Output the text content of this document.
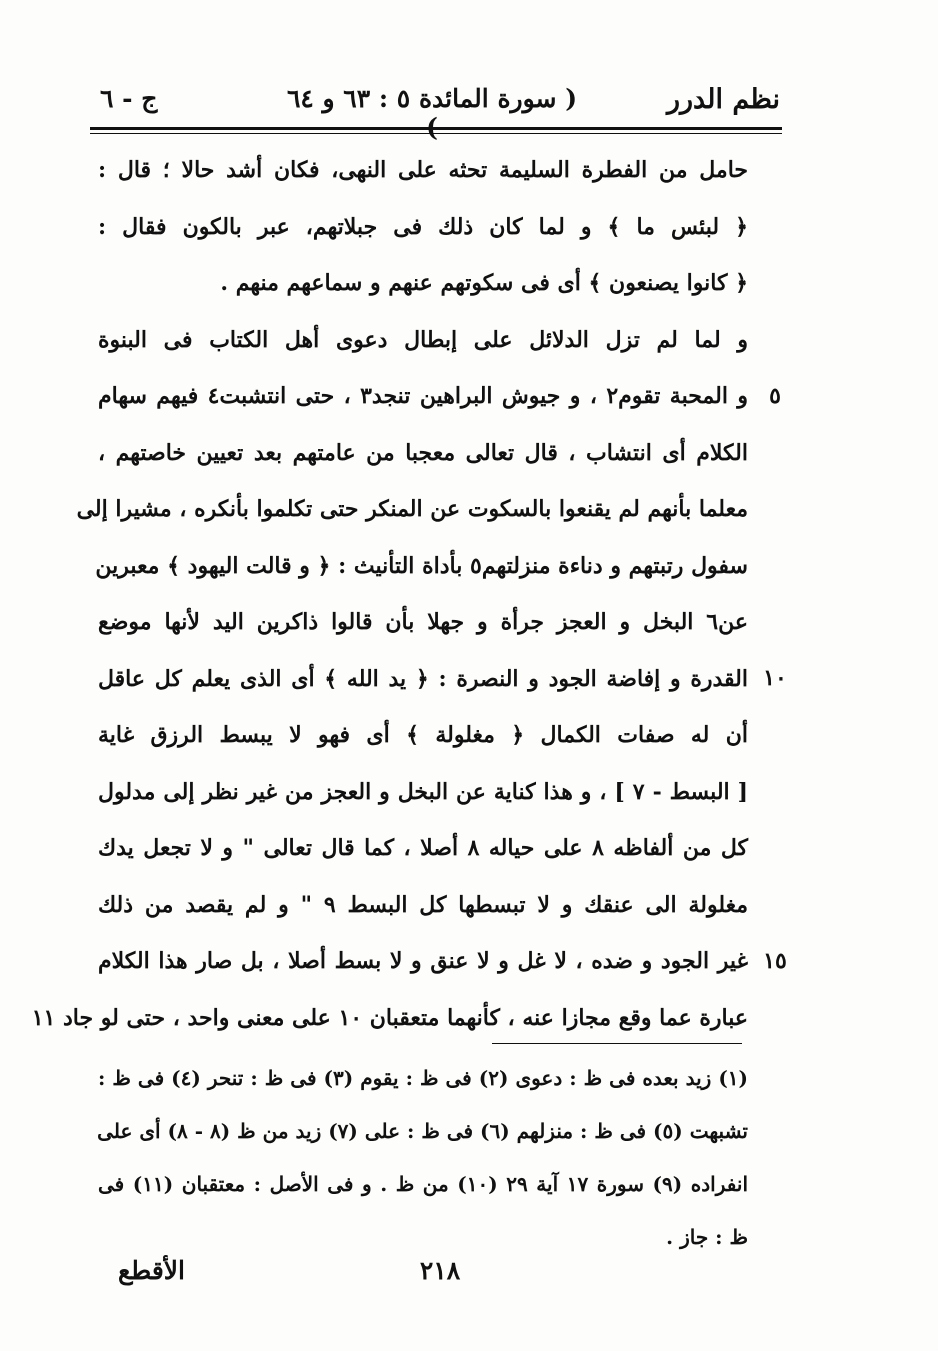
نظم الدرر
( سورة المائدة ٥ : ٦٣ و ٦٤ )
ج - ٦
حامل من الفطرة السليمة تحثه على النهى، فكان أشد حالا ؛ قال :
﴿ لبئس ما ﴾ و لما كان ذلك فى جبلاتهم، عبر بالكون فقال :
﴿ كانوا يصنعون ﴾ أى فى سكوتهم عنهم و سماعهم منهم .
و لما لم تزل الدلائل على إبطال دعوى أهل الكتاب فى البنوة
و المحبة تقوم٢ ، و جيوش البراهين تنجد٣ ، حتى انتشبت٤ فيهم سهام
الكلام أى انتشاب ، قال تعالى معجبا من عامتهم بعد تعيين خاصتهم ،
معلما بأنهم لم يقنعوا بالسكوت عن المنكر حتى تكلموا بأنكره ، مشيرا إلى
سفول رتبتهم و دناءة منزلتهم٥ بأداة التأنيث : ﴿ و قالت اليهود ﴾ معبرين
عن٦ البخل و العجز جرأة و جهلا بأن قالوا ذاكرين اليد لأنها موضع
القدرة و إفاضة الجود و النصرة : ﴿ يد الله ﴾ أى الذى يعلم كل عاقل
أن له صفات الكمال ﴿ مغلولة ﴾ أى فهو لا يبسط الرزق غاية
[ البسط - ٧ ] ، و هذا كناية عن البخل و العجز من غير نظر إلى مدلول
كل من ألفاظه ٨ على حياله ٨ أصلا ، كما قال تعالى " و لا تجعل يدك
مغلولة الى عنقك و لا تبسطها كل البسط ٩ " و لم يقصد من ذلك
غير الجود و ضده ، لا غل و لا عنق و لا بسط أصلا ، بل صار هذا الكلام
عبارة عما وقع مجازا عنه ، كأنهما متعقبان ١٠ على معنى واحد ، حتى لو جاد ١١
٥
١٠
١٥
(١) زيد بعده فى ظ : دعوى (٢) فى ظ : يقوم (٣) فى ظ : تنحر (٤) فى ظ :
تشبهت (٥) فى ظ : منزلهم (٦) فى ظ : على (٧) زيد من ظ (٨ - ٨) أى على
انفراده (٩) سورة ١٧ آية ٢٩ (١٠) من ظ . و فى الأصل : معتقبان (١١) فى
ظ : جاز .
٢١٨
الأقطع
